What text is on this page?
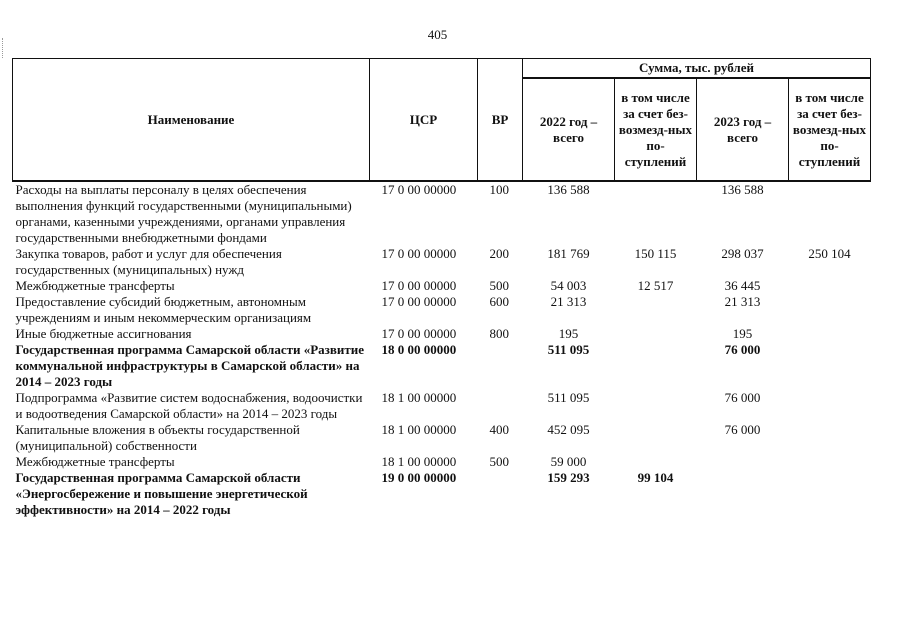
405
Наименование	ЦСР	ВР	Сумма, тыс. рублей			
			2022 год – всего	в том числе за счет без-возмезд-ных по-ступлений	2023 год – всего	в том числе за счет без-возмезд-ных по-ступлений
Расходы на выплаты персоналу в целях обеспечения выполнения функций государственными (муниципальными) органами, казенными учреждениями, органами управления государственными внебюджетными фондами	17 0 00 00000	100	136 588		136 588	
Закупка товаров, работ и услуг для обеспечения государственных (муниципальных) нужд	17 0 00 00000	200	181 769	150 115	298 037	250 104
Межбюджетные трансферты	17 0 00 00000	500	54 003	12 517	36 445	
Предоставление субсидий бюджетным, автономным учреждениям и иным некоммерческим организациям	17 0 00 00000	600	21 313		21 313	
Иные бюджетные ассигнования	17 0 00 00000	800	195		195	
Государственная программа Самарской области «Развитие коммунальной инфраструктуры в Самарской области» на 2014 – 2023 годы	18 0 00 00000		511 095		76 000	
Подпрограмма «Развитие систем водоснабжения, водоочистки и водоотведения Самарской области» на 2014 – 2023 годы	18 1 00 00000		511 095		76 000	
Капитальные вложения в объекты государственной (муниципальной) собственности	18 1 00 00000	400	452 095		76 000	
Межбюджетные трансферты	18 1 00 00000	500	59 000			
Государственная программа Самарской области «Энергосбережение и повышение энергетической эффективности» на 2014 – 2022 годы	19 0 00 00000		159 293	99 104		
